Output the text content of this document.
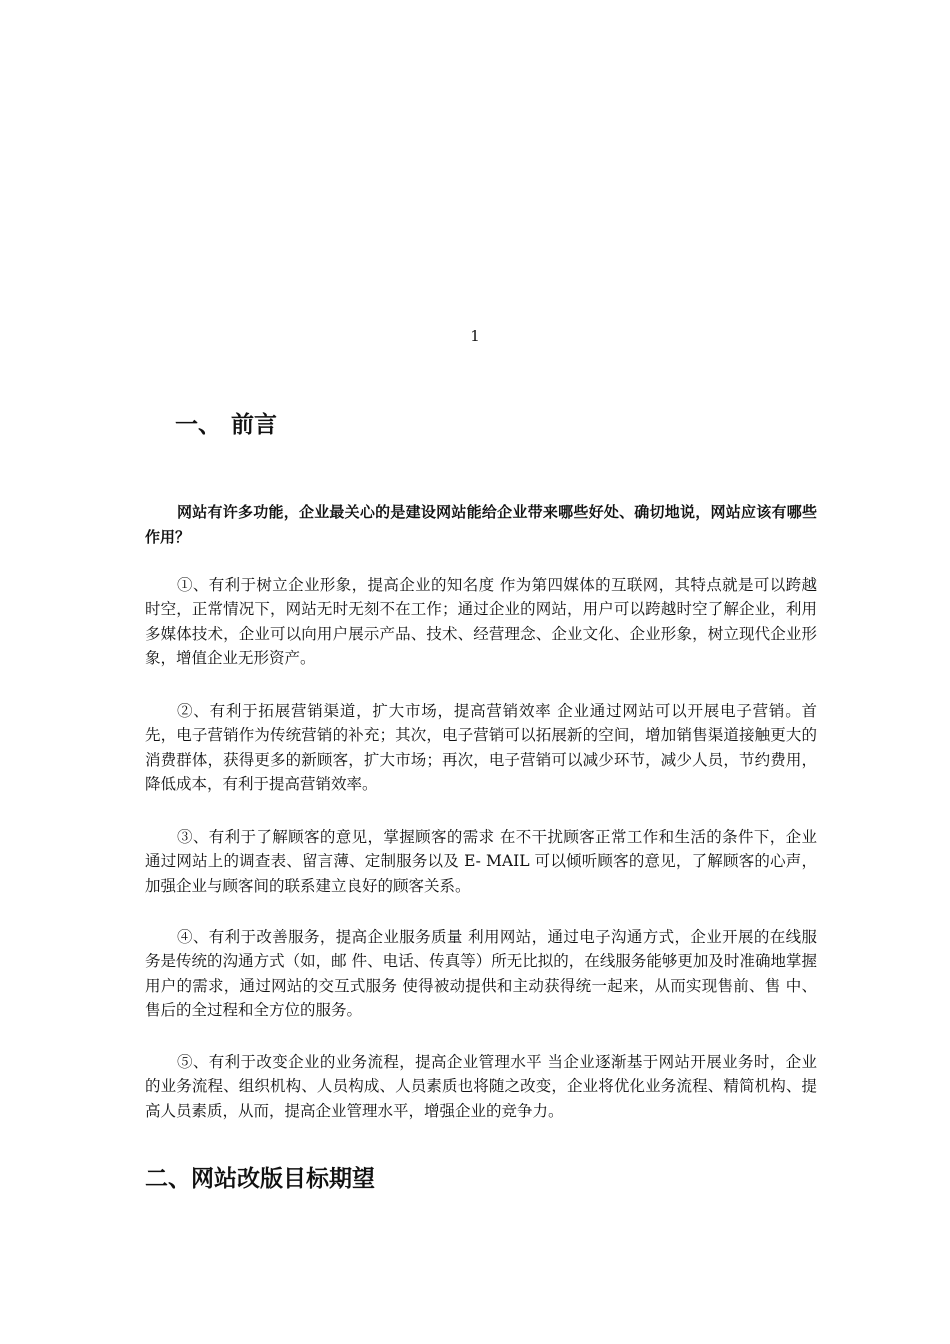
1
一、 前言

网站有许多功能，企业最关心的是建设网站能给企业带来哪些好处、确切地说，网站应该有哪些作用？

①、有利于树立企业形象，提高企业的知名度 作为第四媒体的互联网，其特点就是可以跨越时空，正常情况下，网站无时无刻不在工作；通过企业的网站，用户可以跨越时空了解企业，利用多媒体技术，企业可以向用户展示产品、技术、经营理念、企业文化、企业形象，树立现代企业形象，增值企业无形资产。

②、有利于拓展营销渠道，扩大市场，提高营销效率 企业通过网站可以开展电子营销。首先，电子营销作为传统营销的补充；其次，电子营销可以拓展新的空间，增加销售渠道接触更大的消费群体，获得更多的新顾客，扩大市场；再次，电子营销可以减少环节，减少人员，节约费用，降低成本，有利于提高营销效率。

③、有利于了解顾客的意见，掌握顾客的需求 在不干扰顾客正常工作和生活的条件下，企业通过网站上的调查表、留言薄、定制服务以及 E- MAIL 可以倾听顾客的意见，了解顾客的心声，加强企业与顾客间的联系建立良好的顾客关系。

④、有利于改善服务，提高企业服务质量 利用网站，通过电子沟通方式，企业开展的在线服务是传统的沟通方式（如，邮 件、电话、传真等）所无比拟的，在线服务能够更加及时准确地掌握用户的需求，通过网站的交互式服务 使得被动提供和主动获得统一起来，从而实现售前、售 中、售后的全过程和全方位的服务。

⑤、有利于改变企业的业务流程，提高企业管理水平 当企业逐渐基于网站开展业务时，企业的业务流程、组织机构、人员构成、人员素质也将随之改变，企业将优化业务流程、精简机构、提高人员素质，从而，提高企业管理水平，增强企业的竞争力。

二、网站改版目标期望
